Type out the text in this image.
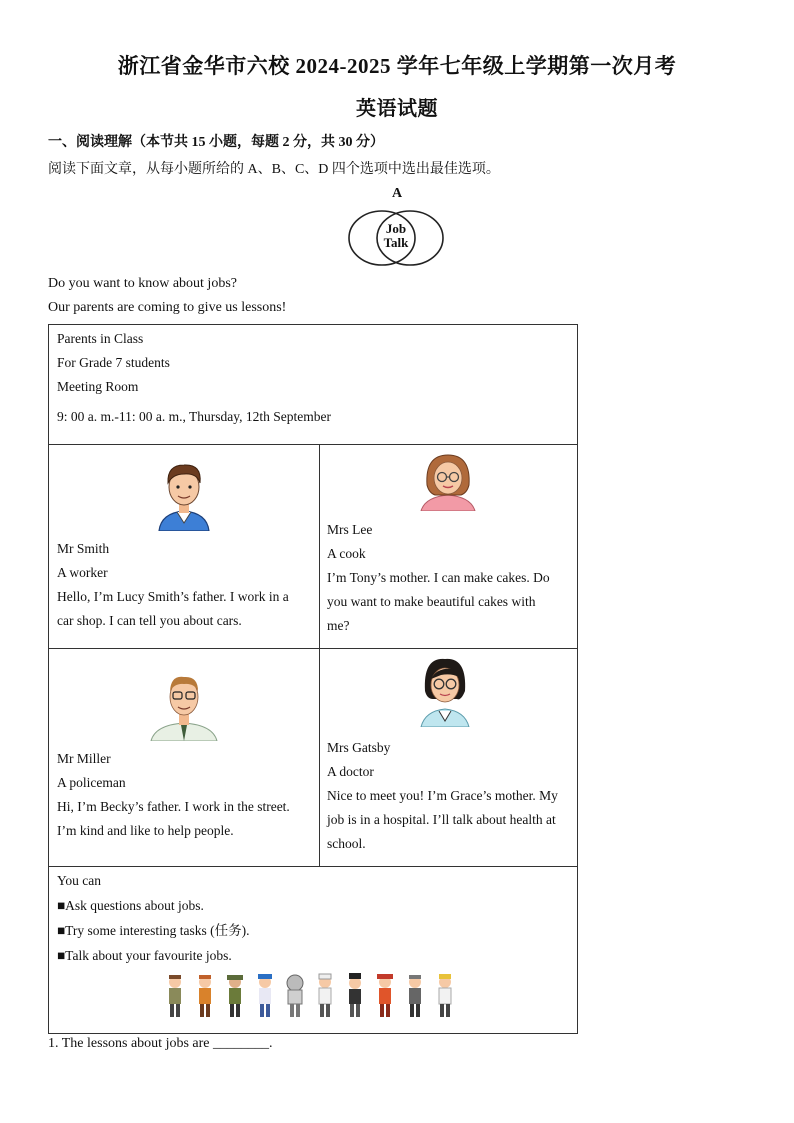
浙江省金华市六校 2024-2025 学年七年级上学期第一次月考
英语试题
一、阅读理解（本节共 15 小题，每题 2 分，共 30 分）
阅读下面文章，从每小题所给的 A、B、C、D 四个选项中选出最佳选项。
A
Job
Talk
Do you want to know about jobs?
Our parents are coming to give us lessons!
Parents in Class
For Grade 7 students
Meeting Room
9: 00 a. m.-11: 00 a. m., Thursday, 12th September
Mr Smith
A worker
Hello, I’m Lucy Smith’s father. I work in a
car shop. I can tell you about cars.
Mrs Lee
A cook
I’m Tony’s mother. I can make cakes. Do
you want to make beautiful cakes with
me?
Mr Miller
A policeman
Hi, I’m Becky’s father. I work in the street.
I’m kind and like to help people.
Mrs Gatsby
A doctor
Nice to meet you! I’m Grace’s mother. My
job is in a hospital. I’ll talk about health at
school.
You can
■Ask questions about jobs.
■Try some interesting tasks (任务).
■Talk about your favourite jobs.
1. The lessons about jobs are ________.
